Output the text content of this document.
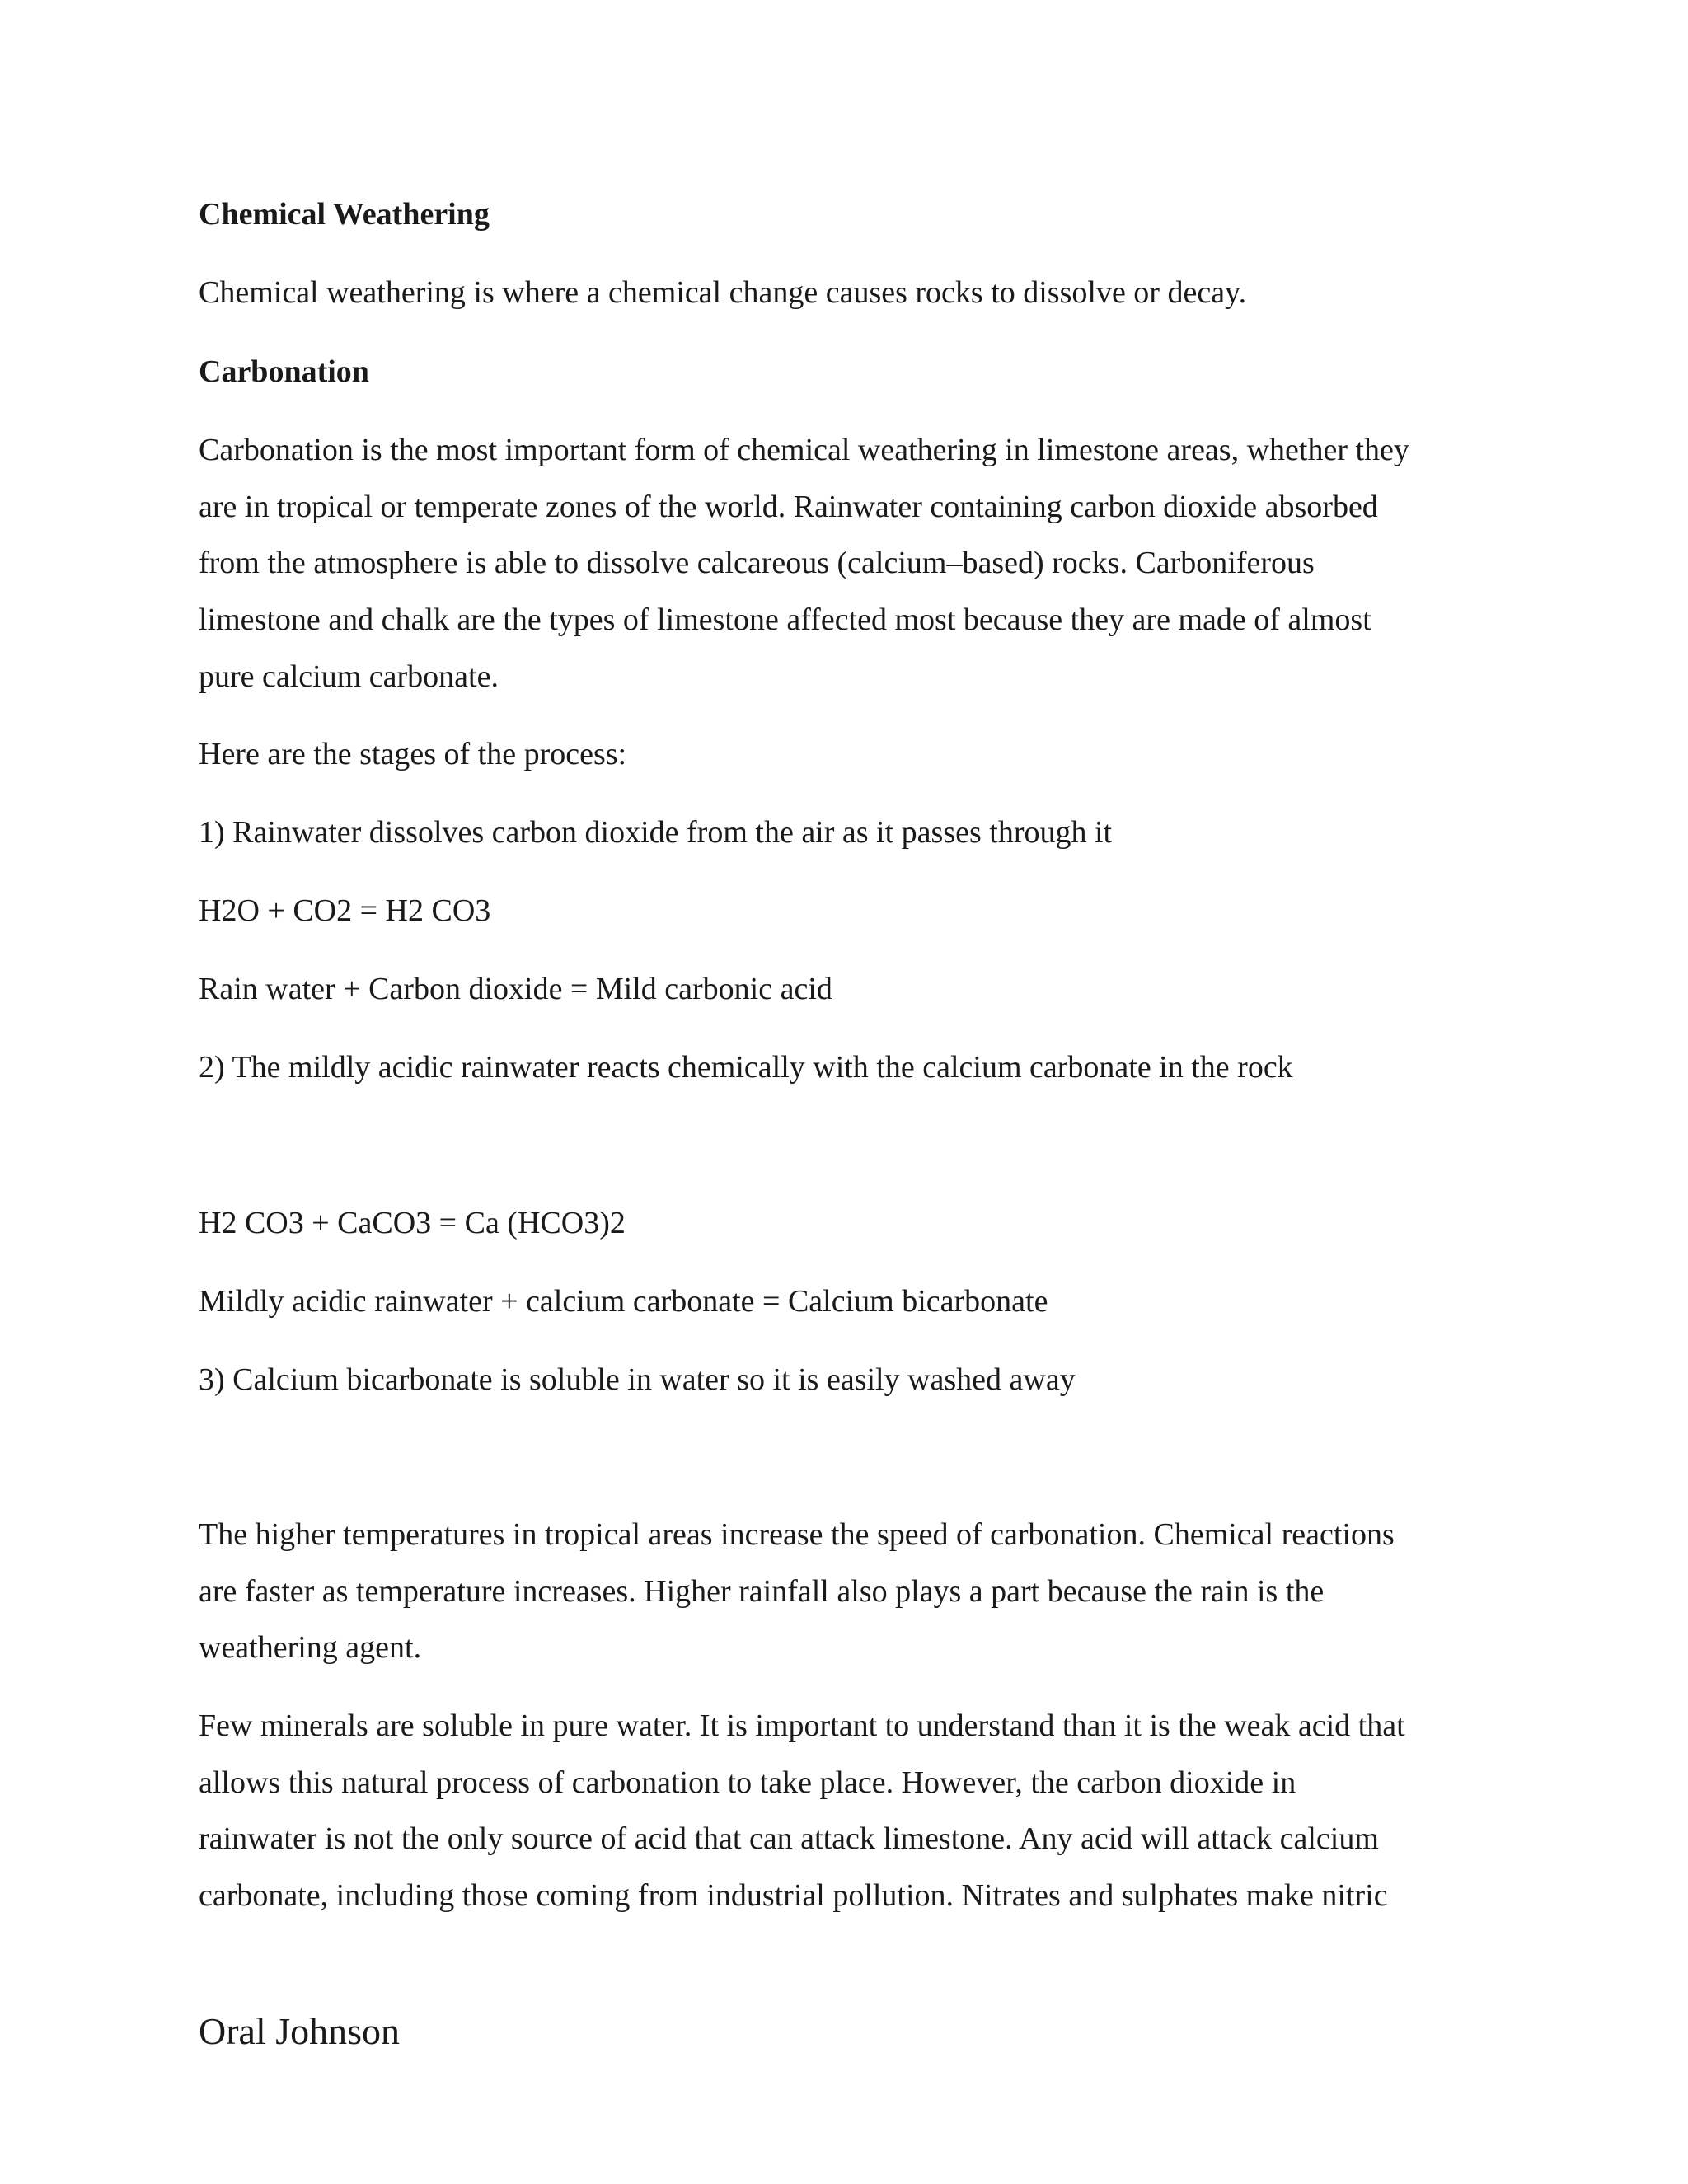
Chemical Weathering

Chemical weathering is where a chemical change causes rocks to dissolve or decay.

Carbonation

Carbonation is the most important form of chemical weathering in limestone areas, whether they

are in tropical or temperate zones of the world. Rainwater containing carbon dioxide absorbed

from the atmosphere is able to dissolve calcareous (calcium–based) rocks. Carboniferous

limestone and chalk are the types of limestone affected most because they are made of almost

pure calcium carbonate.

Here are the stages of the process:

1) Rainwater dissolves carbon dioxide from the air as it passes through it

H2O + CO2 = H2 CO3

Rain water + Carbon dioxide = Mild carbonic acid

2) The mildly acidic rainwater reacts chemically with the calcium carbonate in the rock

H2 CO3 + CaCO3 = Ca (HCO3)2

Mildly acidic rainwater + calcium carbonate = Calcium bicarbonate

3) Calcium bicarbonate is soluble in water so it is easily washed away

The higher temperatures in tropical areas increase the speed of carbonation. Chemical reactions

are faster as temperature increases. Higher rainfall also plays a part because the rain is the

weathering agent.

Few minerals are soluble in pure water. It is important to understand than it is the weak acid that

allows this natural process of carbonation to take place. However, the carbon dioxide in

rainwater is not the only source of acid that can attack limestone. Any acid will attack calcium

carbonate, including those coming from industrial pollution. Nitrates and sulphates make nitric

Oral Johnson
